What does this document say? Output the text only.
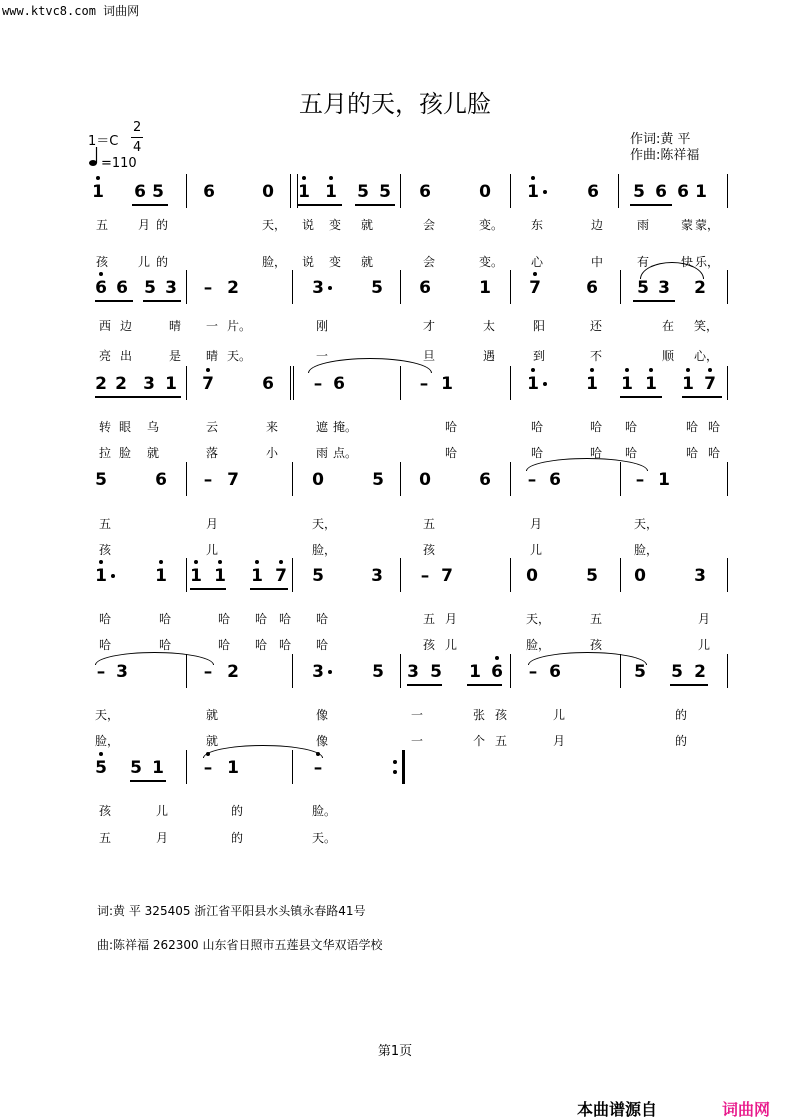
www.ktvc8.com 词曲网
五月的天，孩儿脸
1＝C
2
4
=110
作词:黄 平
作曲:陈祥福
1 6 5 6	0 1 1 5 5 6	0 1	6 5 6 6 1
五	月 的	天，	说	变	就	会	变。	东	边	雨	蒙 蒙，
孩	儿 的	脸，	说	变	就	会	变。	心	中	有	快 乐，
6 6 5 3	– 2	3	5 6	1 7	6 5 3 2
西 边	晴	一 片。	刚	才	太	阳	还	在	笑，
亮 出	是	晴 天。	一	旦	遇	到	不	顺	心，
2 2 3 1 7	6	– 6	– 1	1	1 1 1 1 7
转 眼	乌	云	来	遮 掩。	哈	哈	哈	哈	哈 哈
拉 脸	就	落	小	雨 点。	哈	哈	哈	哈	哈 哈
5	6	– 7	0	5 0	6	– 6	– 1
五	月	天，	五	月	天，
孩	儿	脸，	孩	儿	脸，
1	1 1 1 1 7 5	3	– 7	0	5 0	3
哈	哈	哈	哈 哈	哈	五 月	天，	五	月
哈	哈	哈	哈 哈	哈	孩 儿	脸，	孩	儿
– 3	– 2	3	5 3 5 1 6	– 6	5 5 2
天，	就	像	一	张 孩	儿	的
脸，	就	像	一	个 五	月	的
5 5 1	– 1	–
孩	儿	的	脸。
五	月	的	天。
词:黄 平 325405 浙江省平阳县水头镇永春路41号
曲:陈祥福 262300 山东省日照市五莲县文华双语学校
第1页
本曲谱源自	词曲网
